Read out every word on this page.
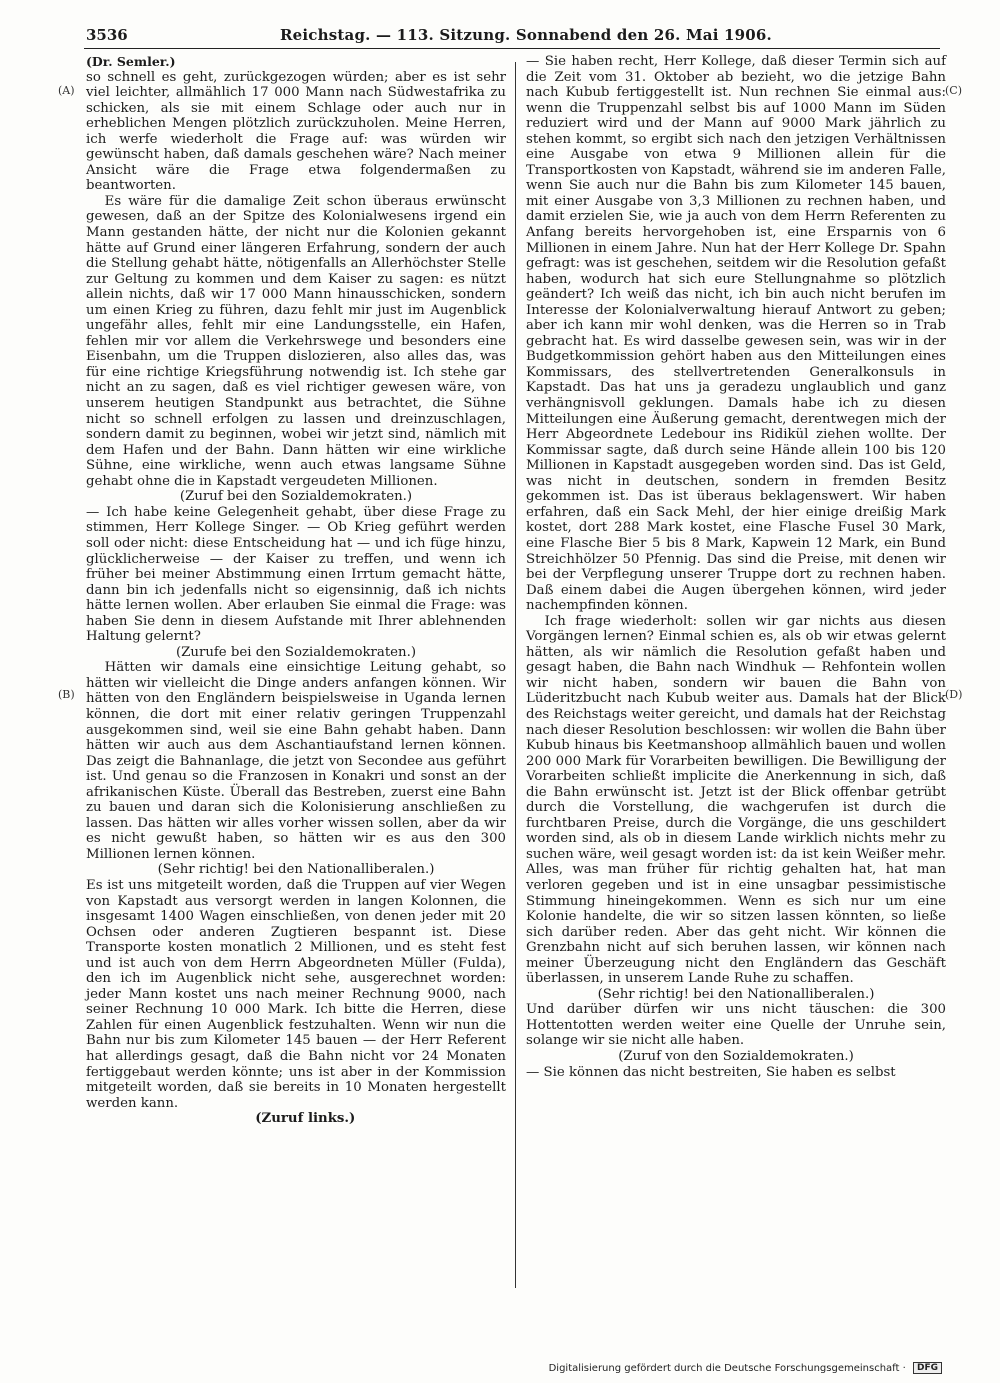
3536	Reichstag. — 113. Sitzung. Sonnabend den 26. Mai 1906.
(A)
(B)
(C)
(D)

(Dr. Semler.)

so schnell es geht, zurückgezogen würden; aber es ist sehr viel leichter, allmählich 17 000 Mann nach Südwestafrika zu schicken, als sie mit einem Schlage oder auch nur in erheblichen Mengen plötzlich zurückzuholen. Meine Herren, ich werfe wiederholt die Frage auf: was würden wir gewünscht haben, daß damals geschehen wäre? Nach meiner Ansicht wäre die Frage etwa folgendermaßen zu beantworten.

Es wäre für die damalige Zeit schon überaus erwünscht gewesen, daß an der Spitze des Kolonialwesens irgend ein Mann gestanden hätte, der nicht nur die Kolonien gekannt hätte auf Grund einer längeren Erfahrung, sondern der auch die Stellung gehabt hätte, nötigenfalls an Allerhöchster Stelle zur Geltung zu kommen und dem Kaiser zu sagen: es nützt allein nichts, daß wir 17 000 Mann hinausschicken, sondern um einen Krieg zu führen, dazu fehlt mir just im Augenblick ungefähr alles, fehlt mir eine Landungsstelle, ein Hafen, fehlen mir vor allem die Verkehrswege und besonders eine Eisenbahn, um die Truppen dislozieren, also alles das, was für eine richtige Kriegsführung notwendig ist. Ich stehe gar nicht an zu sagen, daß es viel richtiger gewesen wäre, von unserem heutigen Standpunkt aus betrachtet, die Sühne nicht so schnell erfolgen zu lassen und dreinzuschlagen, sondern damit zu beginnen, wobei wir jetzt sind, nämlich mit dem Hafen und der Bahn. Dann hätten wir eine wirkliche Sühne, eine wirkliche, wenn auch etwas langsame Sühne gehabt ohne die in Kapstadt vergeudeten Millionen.

(Zuruf bei den Sozialdemokraten.)

— Ich habe keine Gelegenheit gehabt, über diese Frage zu stimmen, Herr Kollege Singer. — Ob Krieg geführt werden soll oder nicht: diese Entscheidung hat — und ich füge hinzu, glücklicherweise — der Kaiser zu treffen, und wenn ich früher bei meiner Abstimmung einen Irrtum gemacht hätte, dann bin ich jedenfalls nicht so eigensinnig, daß ich nichts hätte lernen wollen. Aber erlauben Sie einmal die Frage: was haben Sie denn in diesem Aufstande mit Ihrer ablehnenden Haltung gelernt?

(Zurufe bei den Sozialdemokraten.)

Hätten wir damals eine einsichtige Leitung gehabt, so hätten wir vielleicht die Dinge anders anfangen können. Wir hätten von den Engländern beispielsweise in Uganda lernen können, die dort mit einer relativ geringen Truppenzahl ausgekommen sind, weil sie eine Bahn gehabt haben. Dann hätten wir auch aus dem Aschantiaufstand lernen können. Das zeigt die Bahnanlage, die jetzt von Secondee aus geführt ist. Und genau so die Franzosen in Konakri und sonst an der afrikanischen Küste. Überall das Bestreben, zuerst eine Bahn zu bauen und daran sich die Kolonisierung anschließen zu lassen. Das hätten wir alles vorher wissen sollen, aber da wir es nicht gewußt haben, so hätten wir es aus den 300 Millionen lernen können.

(Sehr richtig! bei den Nationalliberalen.)

Es ist uns mitgeteilt worden, daß die Truppen auf vier Wegen von Kapstadt aus versorgt werden in langen Kolonnen, die insgesamt 1400 Wagen einschließen, von denen jeder mit 20 Ochsen oder anderen Zugtieren bespannt ist. Diese Transporte kosten monatlich 2 Millionen, und es steht fest und ist auch von dem Herrn Abgeordneten Müller (Fulda), den ich im Augenblick nicht sehe, ausgerechnet worden: jeder Mann kostet uns nach meiner Rechnung 9000, nach seiner Rechnung 10 000 Mark. Ich bitte die Herren, diese Zahlen für einen Augenblick festzuhalten. Wenn wir nun die Bahn nur bis zum Kilometer 145 bauen — der Herr Referent hat allerdings gesagt, daß die Bahn nicht vor 24 Monaten fertiggebaut werden könnte; uns ist aber in der Kommission mitgeteilt worden, daß sie bereits in 10 Monaten hergestellt werden kann.

(Zuruf links.)

— Sie haben recht, Herr Kollege, daß dieser Termin sich auf die Zeit vom 31. Oktober ab bezieht, wo die jetzige Bahn nach Kubub fertiggestellt ist. Nun rechnen Sie einmal aus: wenn die Truppenzahl selbst bis auf 1000 Mann im Süden reduziert wird und der Mann auf 9000 Mark jährlich zu stehen kommt, so ergibt sich nach den jetzigen Verhältnissen eine Ausgabe von etwa 9 Millionen allein für die Transportkosten von Kapstadt, während sie im anderen Falle, wenn Sie auch nur die Bahn bis zum Kilometer 145 bauen, mit einer Ausgabe von 3,3 Millionen zu rechnen haben, und damit erzielen Sie, wie ja auch von dem Herrn Referenten zu Anfang bereits hervorgehoben ist, eine Ersparnis von 6 Millionen in einem Jahre. Nun hat der Herr Kollege Dr. Spahn gefragt: was ist geschehen, seitdem wir die Resolution gefaßt haben, wodurch hat sich eure Stellungnahme so plötzlich geändert? Ich weiß das nicht, ich bin auch nicht berufen im Interesse der Kolonialverwaltung hierauf Antwort zu geben; aber ich kann mir wohl denken, was die Herren so in Trab gebracht hat. Es wird dasselbe gewesen sein, was wir in der Budgetkommission gehört haben aus den Mitteilungen eines Kommissars, des stellvertretenden Generalkonsuls in Kapstadt. Das hat uns ja geradezu unglaublich und ganz verhängnisvoll geklungen. Damals habe ich zu diesen Mitteilungen eine Äußerung gemacht, derentwegen mich der Herr Abgeordnete Ledebour ins Ridikül ziehen wollte. Der Kommissar sagte, daß durch seine Hände allein 100 bis 120 Millionen in Kapstadt ausgegeben worden sind. Das ist Geld, was nicht in deutschen, sondern in fremden Besitz gekommen ist. Das ist überaus beklagenswert. Wir haben erfahren, daß ein Sack Mehl, der hier einige dreißig Mark kostet, dort 288 Mark kostet, eine Flasche Fusel 30 Mark, eine Flasche Bier 5 bis 8 Mark, Kapwein 12 Mark, ein Bund Streichhölzer 50 Pfennig. Das sind die Preise, mit denen wir bei der Verpflegung unserer Truppe dort zu rechnen haben. Daß einem dabei die Augen übergehen können, wird jeder nachempfinden können.

Ich frage wiederholt: sollen wir gar nichts aus diesen Vorgängen lernen? Einmal schien es, als ob wir etwas gelernt hätten, als wir nämlich die Resolution gefaßt haben und gesagt haben, die Bahn nach Windhuk — Rehfontein wollen wir nicht haben, sondern wir bauen die Bahn von Lüderitzbucht nach Kubub weiter aus. Damals hat der Blick des Reichstags weiter gereicht, und damals hat der Reichstag nach dieser Resolution beschlossen: wir wollen die Bahn über Kubub hinaus bis Keetmanshoop allmählich bauen und wollen 200 000 Mark für Vorarbeiten bewilligen. Die Bewilligung der Vorarbeiten schließt implicite die Anerkennung in sich, daß die Bahn erwünscht ist. Jetzt ist der Blick offenbar getrübt durch die Vorstellung, die wachgerufen ist durch die furchtbaren Preise, durch die Vorgänge, die uns geschildert worden sind, als ob in diesem Lande wirklich nichts mehr zu suchen wäre, weil gesagt worden ist: da ist kein Weißer mehr. Alles, was man früher für richtig gehalten hat, hat man verloren gegeben und ist in eine unsagbar pessimistische Stimmung hineingekommen. Wenn es sich nur um eine Kolonie handelte, die wir so sitzen lassen könnten, so ließe sich darüber reden. Aber das geht nicht. Wir können die Grenzbahn nicht auf sich beruhen lassen, wir können nach meiner Überzeugung nicht den Engländern das Geschäft überlassen, in unserem Lande Ruhe zu schaffen.

(Sehr richtig! bei den Nationalliberalen.)

Und darüber dürfen wir uns nicht täuschen: die 300 Hottentotten werden weiter eine Quelle der Unruhe sein, solange wir sie nicht alle haben.

(Zuruf von den Sozialdemokraten.)

— Sie können das nicht bestreiten, Sie haben es selbst

Digitalisierung gefördert durch die Deutsche Forschungsgemeinschaft · DFG
